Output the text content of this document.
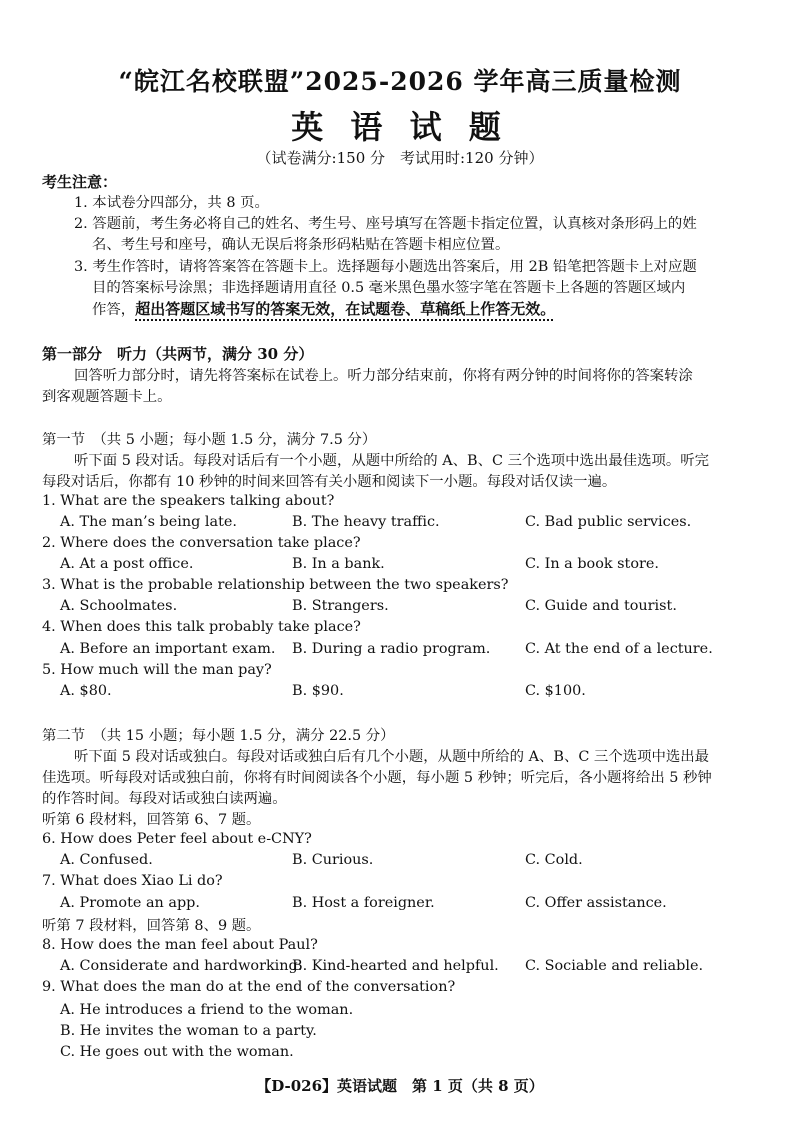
“皖江名校联盟”2025-2026 学年高三质量检测
英 语 试 题
（试卷满分:150 分　考试用时:120 分钟）
考生注意：
1. 本试卷分四部分，共 8 页。
2. 答题前，考生务必将自己的姓名、考生号、座号填写在答题卡指定位置，认真核对条形码上的姓
名、考生号和座号，确认无误后将条形码粘贴在答题卡相应位置。
3. 考生作答时，请将答案答在答题卡上。选择题每小题选出答案后，用 2B 铅笔把答题卡上对应题
目的答案标号涂黑；非选择题请用直径 0.5 毫米黑色墨水签字笔在答题卡上各题的答题区域内
作答，超出答题区域书写的答案无效，在试题卷、草稿纸上作答无效。
第一部分　听力（共两节，满分 30 分）
回答听力部分时，请先将答案标在试卷上。听力部分结束前，你将有两分钟的时间将你的答案转涂
到客观题答题卡上。
第一节　（共 5 小题；每小题 1.5 分，满分 7.5 分）
听下面 5 段对话。每段对话后有一个小题，从题中所给的 A、B、C 三个选项中选出最佳选项。听完
每段对话后，你都有 10 秒钟的时间来回答有关小题和阅读下一小题。每段对话仅读一遍。
1. What are the speakers talking about?
A. The man’s being late.	B. The heavy traffic.	C. Bad public services.
2. Where does the conversation take place?
A. At a post office.	B. In a bank.	C. In a book store.
3. What is the probable relationship between the two speakers?
A. Schoolmates.	B. Strangers.	C. Guide and tourist.
4. When does this talk probably take place?
A. Before an important exam. B. During a radio program. C. At the end of a lecture.
5. How much will the man pay?
A. $80.	B. $90.	C. $100.
第二节　（共 15 小题；每小题 1.5 分，满分 22.5 分）
听下面 5 段对话或独白。每段对话或独白后有几个小题，从题中所给的 A、B、C 三个选项中选出最
佳选项。听每段对话或独白前，你将有时间阅读各个小题，每小题 5 秒钟；听完后，各小题将给出 5 秒钟
的作答时间。每段对话或独白读两遍。
听第 6 段材料，回答第 6、7 题。
6. How does Peter feel about e-CNY?
A. Confused.	B. Curious.	C. Cold.
7. What does Xiao Li do?
A. Promote an app.	B. Host a foreigner.	C. Offer assistance.
听第 7 段材料，回答第 8、9 题。
8. How does the man feel about Paul?
A. Considerate and hardworking.
B. Kind-hearted and helpful. C. Sociable and reliable.
9. What does the man do at the end of the conversation?
A. He introduces a friend to the woman.
B. He invites the woman to a party.
C. He goes out with the woman.
【D-026】英语试题　第 1 页（共 8 页）
